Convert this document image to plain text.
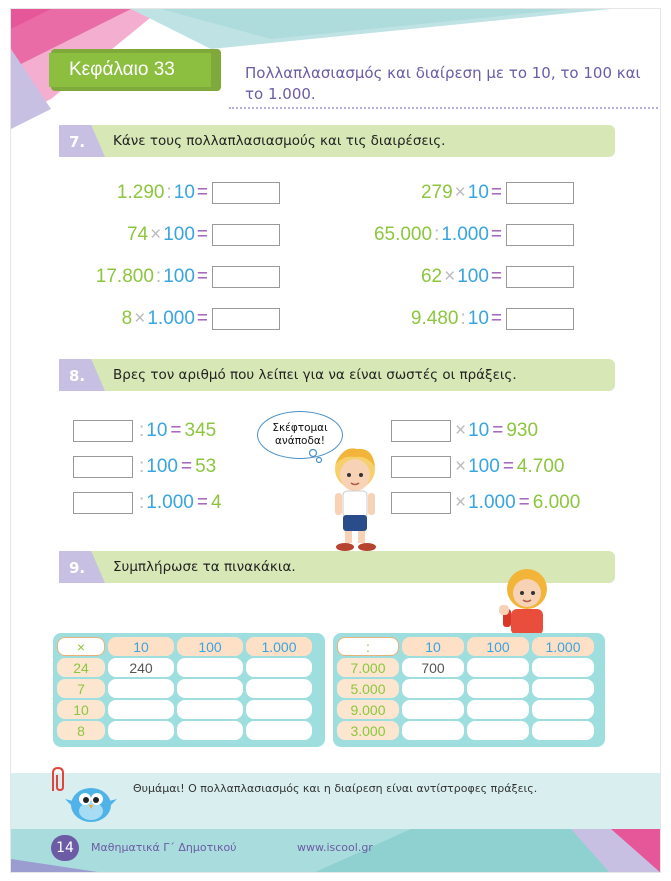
Κεφάλαιο 33	Πολλαπλασιασμός και διαίρεση με το 10, το 100 και το 1.000.
7. Κάνε τους πολλαπλασιασμούς και τις διαιρέσεις.
1.290 : 10 =
74 × 100 =
17.800 : 100 =
8 × 1.000 =
279 × 10 =
65.000 : 1.000 =
62 × 100 =
9.480 : 10 =
8. Βρες τον αριθμό που λείπει για να είναι σωστές οι πράξεις.
: 10 = 345
: 100 = 53
: 1.000 = 4
× 10 = 930
× 100 = 4.700
× 1.000 = 6.000
Σκέφτομαι ανάποδα!
9. Συμπλήρωσε τα πινακάκια.
×	10	100	1.000
24	240
7
10
8
:	10	100	1.000
7.000	700
5.000
9.000
3.000
Θυμάμαι! Ο πολλαπλασιασμός και η διαίρεση είναι αντίστροφες πράξεις.
14	Μαθηματικά Γ΄ Δημοτικού	www.iscool.gr
